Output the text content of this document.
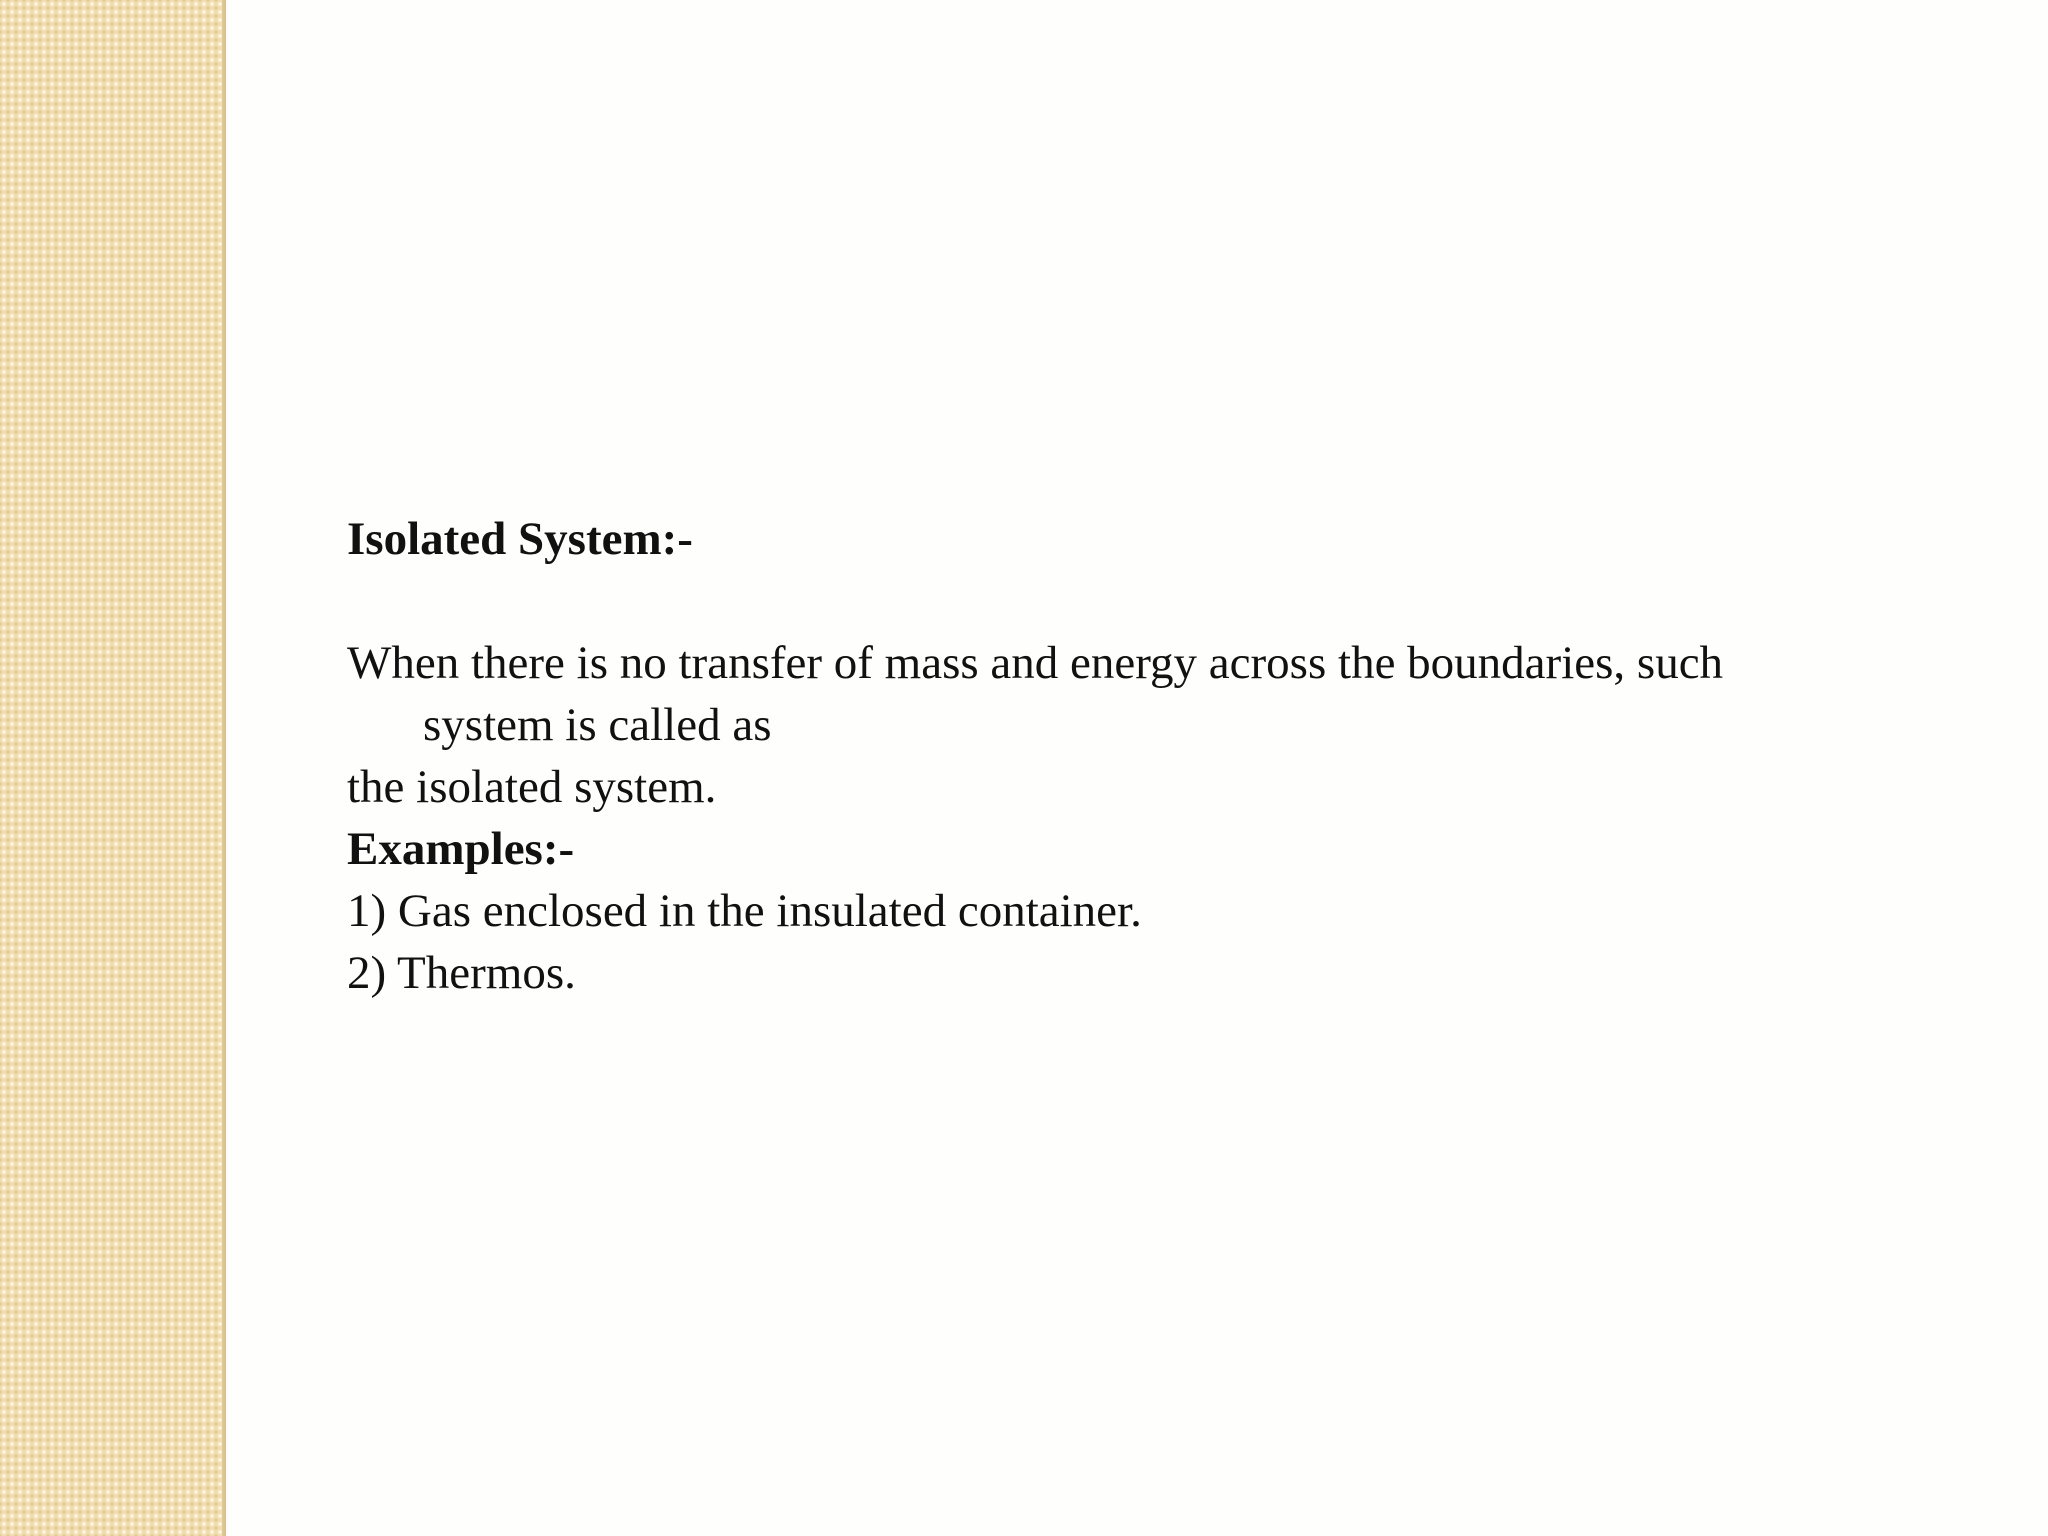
Isolated System:-

When there is no transfer of mass and energy across the boundaries, such
system is called as

the isolated system.

Examples:-

1) Gas enclosed in the insulated container.

2) Thermos.
